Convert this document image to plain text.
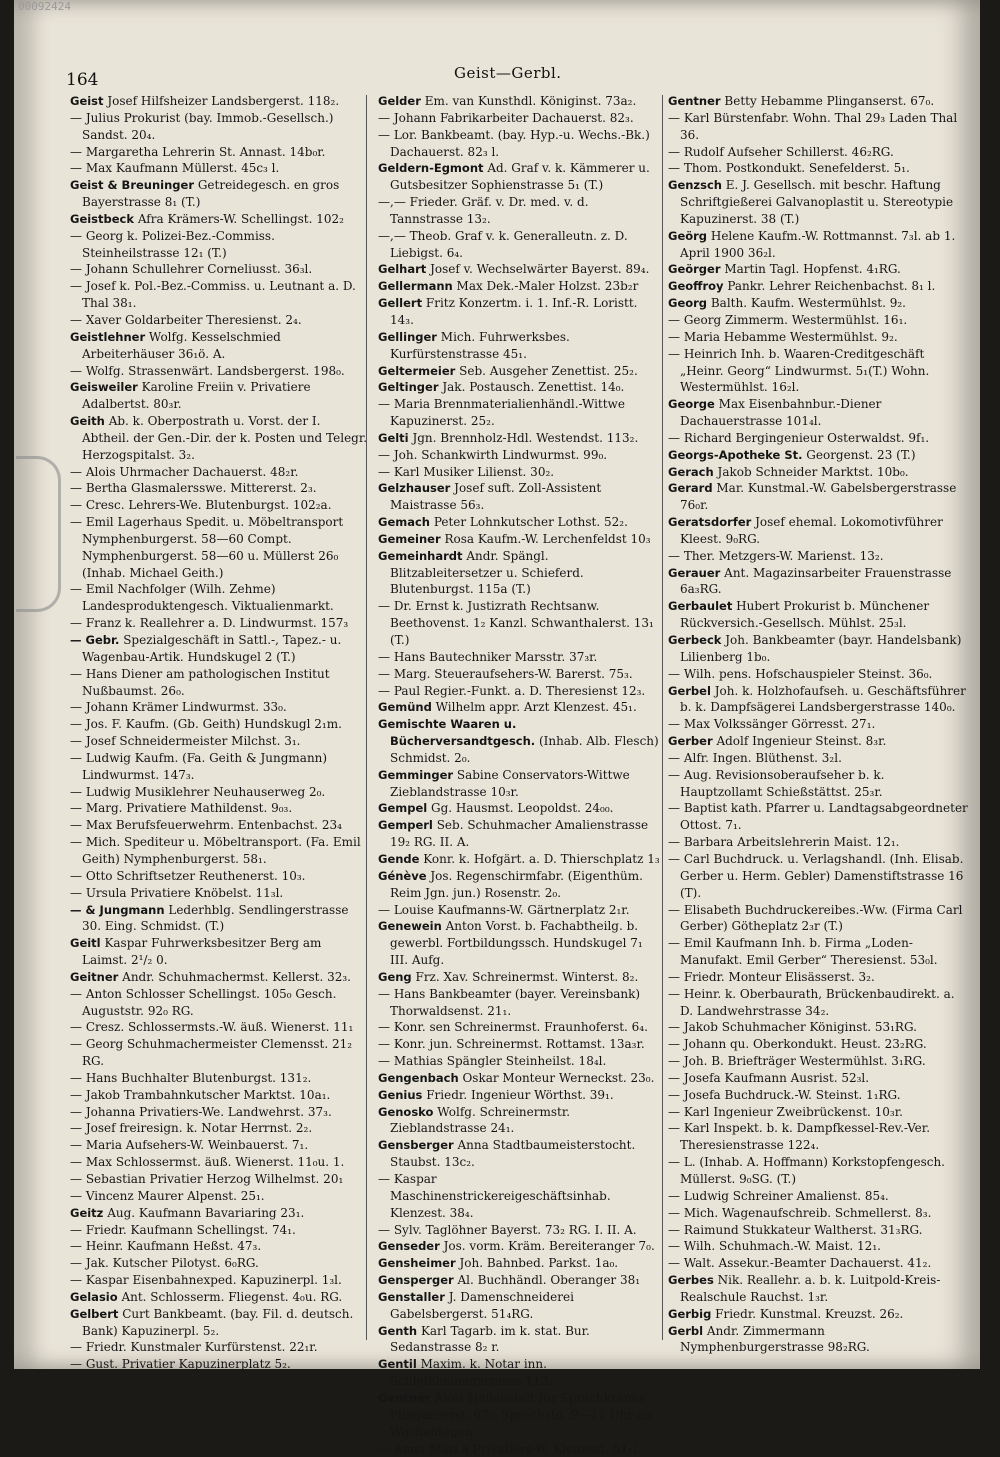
00092424
164	Geist—Gerbl.
Geist Josef Hilfsheizer Landsbergerst. 118₂.
— Julius Prokurist (bay. Immob.-Gesellsch.) Sandst. 20₄.
— Margaretha Lehrerin St. Annast. 14b₀r.
— Max Kaufmann Müllerst. 45c₃ l.
Geist & Breuninger Getreidegesch. en gros Bayerstrasse 8₁ (T.)
Geistbeck Afra Krämers-W. Schellingst. 102₂
— Georg k. Polizei-Bez.-Commiss. Steinheilstrasse 12₁ (T.)
— Johann Schullehrer Corneliusst. 36₃l.
— Josef k. Pol.-Bez.-Commiss. u. Leutnant a. D. Thal 38₁.
— Xaver Goldarbeiter Theresienst. 2₄.
Geistlehner Wolfg. Kesselschmied Arbeiterhäuser 36₁ö. A.
— Wolfg. Strassenwärt. Landsbergerst. 198₀.
Geisweiler Karoline Freiin v. Privatiere Adalbertst. 80₃r.
Geith Ab. k. Oberpostrath u. Vorst. der I. Abtheil. der Gen.-Dir. der k. Posten und Telegr. Herzogspitalst. 3₂.
— Alois Uhrmacher Dachauerst. 48₂r.
— Bertha Glasmalersswe. Mittererst. 2₃.
— Cresc. Lehrers-We. Blutenburgst. 102₂a.
— Emil Lagerhaus Spedit. u. Möbeltransport Nymphenburgerst. 58—60 Compt. Nymphenburgerst. 58—60 u. Müllerst 26₀ (Inhab. Michael Geith.)
— Emil Nachfolger (Wilh. Zehme) Landesproduktengesch. Viktualienmarkt.
— Franz k. Reallehrer a. D. Lindwurmst. 157₃
— Gebr. Spezialgeschäft in Sattl.-, Tapez.- u. Wagenbau-Artik. Hundskugel 2 (T.)
— Hans Diener am pathologischen Institut Nußbaumst. 26₀.
— Johann Krämer Lindwurmst. 33₀.
— Jos. F. Kaufm. (Gb. Geith) Hundskugl 2₁m.
— Josef Schneidermeister Milchst. 3₁.
— Ludwig Kaufm. (Fa. Geith & Jungmann) Lindwurmst. 147₃.
— Ludwig Musiklehrer Neuhauserweg 2₀.
— Marg. Privatiere Mathildenst. 9₀₃.
— Max Berufsfeuerwehrm. Entenbachst. 23₄
— Mich. Spediteur u. Möbeltransport. (Fa. Emil Geith) Nymphenburgerst. 58₁.
— Otto Schriftsetzer Reuthenerst. 10₃.
— Ursula Privatiere Knöbelst. 11₃l.
— & Jungmann Lederhblg. Sendlingerstrasse 30. Eing. Schmidst. (T.)
Geitl Kaspar Fuhrwerksbesitzer Berg am Laimst. 2¹/₂ 0.
Geitner Andr. Schuhmachermst. Kellerst. 32₃.
— Anton Schlosser Schellingst. 105₀ Gesch. Auguststr. 92₀ RG.
— Cresz. Schlossermsts.-W. äuß. Wienerst. 11₁
— Georg Schuhmachermeister Clemensst. 21₂ RG.
— Hans Buchhalter Blutenburgst. 131₂.
— Jakob Trambahnkutscher Marktst. 10a₁.
— Johanna Privatiers-We. Landwehrst. 37₃.
— Josef freiresign. k. Notar Herrnst. 2₂.
— Maria Aufsehers-W. Weinbauerst. 7₁.
— Max Schlossermst. äuß. Wienerst. 11₀u. 1.
— Sebastian Privatier Herzog Wilhelmst. 20₁
— Vincenz Maurer Alpenst. 25₁.
Geitz Aug. Kaufmann Bavariaring 23₁.
— Friedr. Kaufmann Schellingst. 74₁.
— Heinr. Kaufmann Heßst. 47₃.
— Jak. Kutscher Pilotyst. 6₀RG.
— Kaspar Eisenbahnexped. Kapuzinerpl. 1₃l.
Gelasio Ant. Schlosserm. Fliegenst. 4₀u. RG.
Gelbert Curt Bankbeamt. (bay. Fil. d. deutsch. Bank) Kapuzinerpl. 5₂.
— Friedr. Kunstmaler Kurfürstenst. 22₁r.
— Gust. Privatier Kapuzinerplatz 5₂.
Gelder Em. van Kunsthdl. Königinst. 73a₂.
— Johann Fabrikarbeiter Dachauerst. 82₃.
— Lor. Bankbeamt. (bay. Hyp.-u. Wechs.-Bk.) Dachauerst. 82₃ l.
Geldern-Egmont Ad. Graf v. k. Kämmerer u. Gutsbesitzer Sophienstrasse 5₁ (T.)
—,— Frieder. Gräf. v. Dr. med. v. d. Tannstrasse 13₂.
—,— Theob. Graf v. k. Generalleutn. z. D. Liebigst. 6₄.
Gelhart Josef v. Wechselwärter Bayerst. 89₄.
Gellermann Max Dek.-Maler Holzst. 23b₂r
Gellert Fritz Konzertm. i. 1. Inf.-R. Loristt. 14₃.
Gellinger Mich. Fuhrwerksbes. Kurfürstenstrasse 45₁.
Geltermeier Seb. Ausgeher Zenettist. 25₂.
Geltinger Jak. Postausch. Zenettist. 14₀.
— Maria Brennmaterialienhändl.-Wittwe Kapuzinerst. 25₂.
Gelti Jgn. Brennholz-Hdl. Westendst. 113₂.
— Joh. Schankwirth Lindwurmst. 99₀.
— Karl Musiker Lilienst. 30₂.
Gelzhauser Josef suft. Zoll-Assistent Maistrasse 56₃.
Gemach Peter Lohnkutscher Lothst. 52₂.
Gemeiner Rosa Kaufm.-W. Lerchenfeldst 10₃
Gemeinhardt Andr. Spängl. Blitzableitersetzer u. Schieferd. Blutenburgst. 115a (T.)
— Dr. Ernst k. Justizrath Rechtsanw. Beethovenst. 1₂ Kanzl. Schwanthalerst. 13₁ (T.)
— Hans Bautechniker Marsstr. 37₃r.
— Marg. Steueraufsehers-W. Barerst. 75₃.
— Paul Regier.-Funkt. a. D. Theresienst 12₃.
Gemünd Wilhelm appr. Arzt Klenzest. 45₁.
Gemischte Waaren u. Bücherversandtgesch. (Inhab. Alb. Flesch) Schmidst. 2₀.
Gemminger Sabine Conservators-Wittwe Zieblandstrasse 10₃r.
Gempel Gg. Hausmst. Leopoldst. 24₀₀.
Gemperl Seb. Schuhmacher Amalienstrasse 19₂ RG. II. A.
Gende Konr. k. Hofgärt. a. D. Thierschplatz 1₃
Génève Jos. Regenschirmfabr. (Eigenthüm. Reim Jgn. jun.) Rosenstr. 2₀.
— Louise Kaufmanns-W. Gärtnerplatz 2₁r.
Genewein Anton Vorst. b. Fachabtheilg. b. gewerbl. Fortbildungssch. Hundskugel 7₁ III. Aufg.
Geng Frz. Xav. Schreinermst. Winterst. 8₂.
— Hans Bankbeamter (bayer. Vereinsbank) Thorwaldsenst. 21₁.
— Konr. sen Schreinermst. Fraunhoferst. 6₄.
— Konr. jun. Schreinermst. Rottamst. 13a₃r.
— Mathias Spängler Steinheilst. 18₄l.
Gengenbach Oskar Monteur Werneckst. 23₀.
Genius Friedr. Ingenieur Wörthst. 39₁.
Genosko Wolfg. Schreinermstr. Zieblandstrasse 24₁.
Gensberger Anna Stadtbaumeisterstocht. Staubst. 13c₂.
— Kaspar Maschinenstrickereigeschäftsinhab. Klenzest. 38₄.
— Sylv. Taglöhner Bayerst. 73₂ RG. I. II. A.
Genseder Jos. vorm. Kräm. Bereiteranger 7₀.
Gensheimer Joh. Bahnbed. Parkst. 1a₀.
Gensperger Al. Buchhändl. Oberanger 38₁
Genstaller J. Damenschneiderei Gabelsbergerst. 51₄RG.
Genth Karl Tagarb. im k. stat. Bur. Sedanstrasse 8₂ r.
Gentil Maxim. k. Notar inn. Schleißheimerstrasse 113₂.
Gentner Alois Heilanstalt für Sprachkranke Plinganserst. 67₀. Sprechstd. 9—11 Uhr an Wochentagen.
— Anna Mari a Privatiers-W. Klenzest. 51₁l.
Gentner Betty Hebamme Plinganserst. 67₀.
— Karl Bürstenfabr. Wohn. Thal 29₃ Laden Thal 36.
— Rudolf Aufseher Schillerst. 46₂RG.
— Thom. Postkondukt. Senefelderst. 5₁.
Genzsch E. J. Gesellsch. mit beschr. Haftung Schriftgießerei Galvanoplastit u. Stereotypie Kapuzinerst. 38 (T.)
Geörg Helene Kaufm.-W. Rottmannst. 7₃l. ab 1. April 1900 36₂l.
Geörger Martin Tagl. Hopfenst. 4₁RG.
Geoffroy Pankr. Lehrer Reichenbachst. 8₁ l.
Georg Balth. Kaufm. Westermühlst. 9₂.
— Georg Zimmerm. Westermühlst. 16₁.
— Maria Hebamme Westermühlst. 9₂.
— Heinrich Inh. b. Waaren-Creditgeschäft „Heinr. Georg“ Lindwurmst. 5₁(T.) Wohn. Westermühlst. 16₂l.
George Max Eisenbahnbur.-Diener Dachauerstrasse 101₄l.
— Richard Bergingenieur Osterwaldst. 9f₁.
Georgs-Apotheke St. Georgenst. 23 (T.)
Gerach Jakob Schneider Marktst. 10b₀.
Gerard Mar. Kunstmal.-W. Gabelsbergerstrasse 76₀r.
Geratsdorfer Josef ehemal. Lokomotivführer Kleest. 9₀RG.
— Ther. Metzgers-W. Marienst. 13₂.
Gerauer Ant. Magazinsarbeiter Frauenstrasse 6a₃RG.
Gerbaulet Hubert Prokurist b. Münchener Rückversich.-Gesellsch. Mühlst. 25₃l.
Gerbeck Joh. Bankbeamter (bayr. Handelsbank) Lilienberg 1b₀.
— Wilh. pens. Hofschauspieler Steinst. 36₀.
Gerbel Joh. k. Holzhofaufseh. u. Geschäftsführer b. k. Dampfsägerei Landsbergerstrasse 140₀.
— Max Volkssänger Görresst. 27₁.
Gerber Adolf Ingenieur Steinst. 8₃r.
— Alfr. Ingen. Blüthenst. 3₂l.
— Aug. Revisionsoberaufseher b. k. Hauptzollamt Schießstättst. 25₃r.
— Baptist kath. Pfarrer u. Landtagsabgeordneter Ottost. 7₁.
— Barbara Arbeitslehrerin Maist. 12₁.
— Carl Buchdruck. u. Verlagshandl. (Inh. Elisab. Gerber u. Herm. Gebler) Damenstiftstrasse 16 (T).
— Elisabeth Buchdruckereibes.-Ww. (Firma Carl Gerber) Götheplatz 2₃r (T.)
— Emil Kaufmann Inh. b. Firma „Loden-Manufakt. Emil Gerber“ Theresienst. 53₀l.
— Friedr. Monteur Elisässerst. 3₂.
— Heinr. k. Oberbaurath, Brückenbaudirekt. a. D. Landwehrstrasse 34₂.
— Jakob Schuhmacher Königinst. 53₁RG.
— Johann qu. Oberkondukt. Heust. 23₂RG.
— Joh. B. Briefträger Westermühlst. 3₁RG.
— Josefa Kaufmann Ausrist. 52₃l.
— Josefa Buchdruck.-W. Steinst. 1₁RG.
— Karl Ingenieur Zweibrückenst. 10₃r.
— Karl Inspekt. b. k. Dampfkessel-Rev.-Ver. Theresienstrasse 122₄.
— L. (Inhab. A. Hoffmann) Korkstopfengesch. Müllerst. 9₀SG. (T.)
— Ludwig Schreiner Amalienst. 85₄.
— Mich. Wagenaufschreib. Schmellerst. 8₃.
— Raimund Stukkateur Waltherst. 31₃RG.
— Wilh. Schuhmach.-W. Maist. 12₁.
— Walt. Assekur.-Beamter Dachauerst. 41₂.
Gerbes Nik. Reallehr. a. b. k. Luitpold-Kreis-Realschule Rauchst. 1₃r.
Gerbig Friedr. Kunstmal. Kreuzst. 26₂.
Gerbl Andr. Zimmermann Nymphenburgerstrasse 98₂RG.
